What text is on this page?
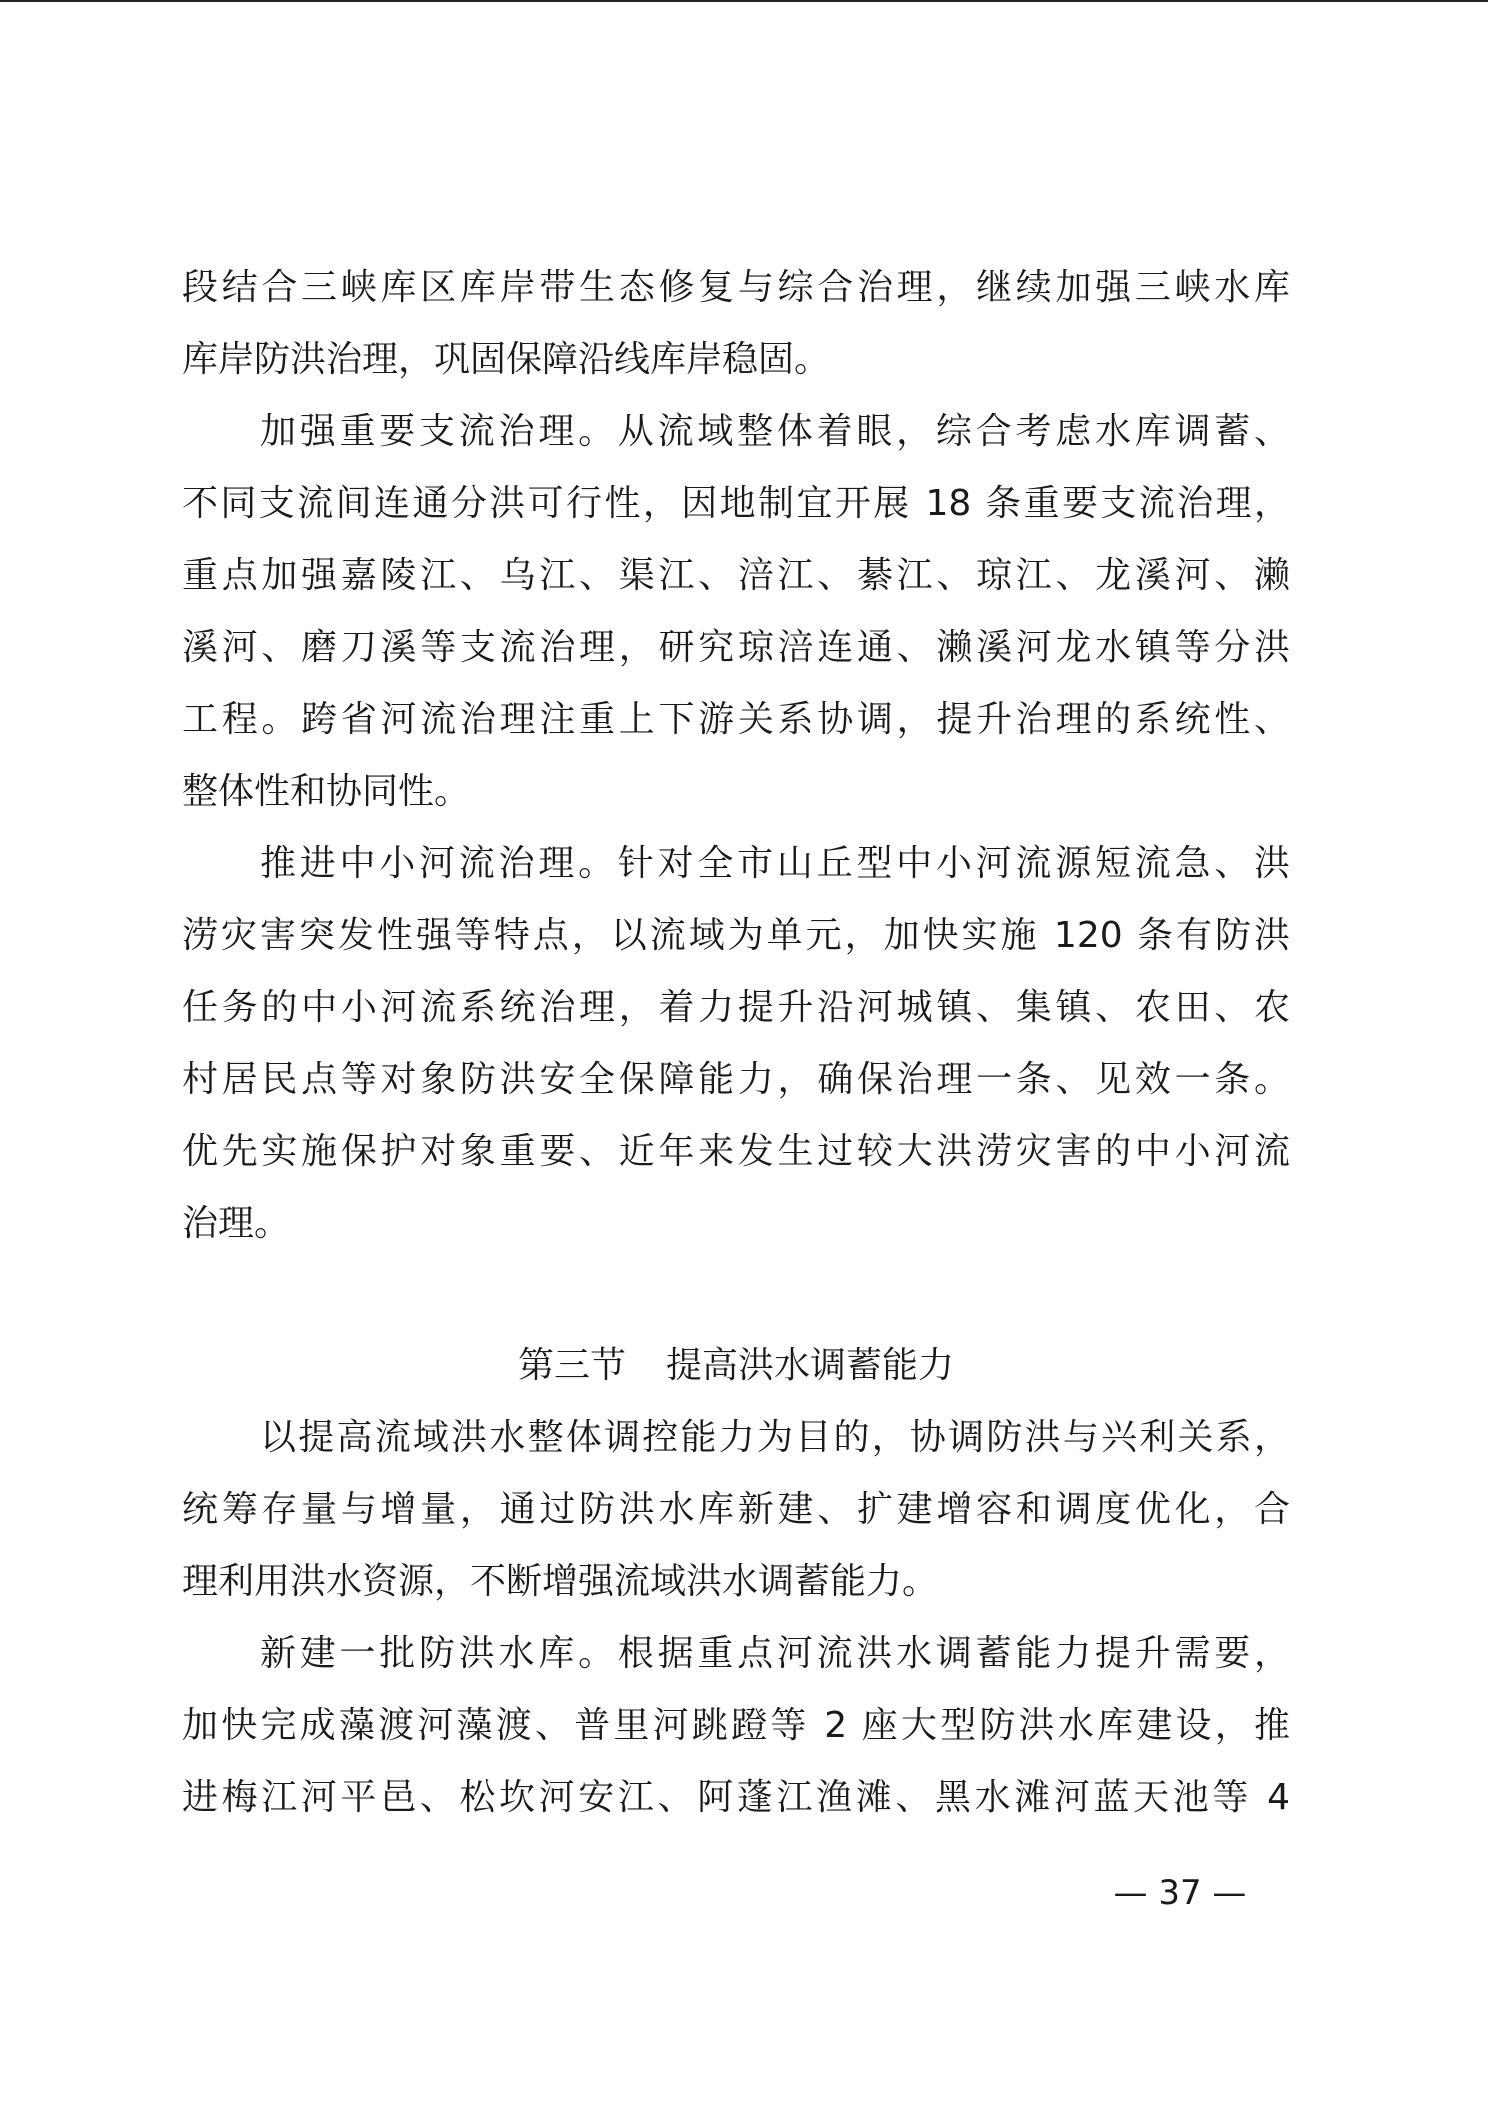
段结合三峡库区库岸带生态修复与综合治理，继续加强三峡水库
库岸防洪治理，巩固保障沿线库岸稳固。
加强重要支流治理。从流域整体着眼，综合考虑水库调蓄、
不同支流间连通分洪可行性，因地制宜开展 18 条重要支流治理，
重点加强嘉陵江、乌江、渠江、涪江、綦江、琼江、龙溪河、濑
溪河、磨刀溪等支流治理，研究琼涪连通、濑溪河龙水镇等分洪
工程。跨省河流治理注重上下游关系协调，提升治理的系统性、
整体性和协同性。
推进中小河流治理。针对全市山丘型中小河流源短流急、洪
涝灾害突发性强等特点，以流域为单元，加快实施 120 条有防洪
任务的中小河流系统治理，着力提升沿河城镇、集镇、农田、农
村居民点等对象防洪安全保障能力，确保治理一条、见效一条。
优先实施保护对象重要、近年来发生过较大洪涝灾害的中小河流
治理。
第三节 提高洪水调蓄能力
以提高流域洪水整体调控能力为目的，协调防洪与兴利关系，
统筹存量与增量，通过防洪水库新建、扩建增容和调度优化，合
理利用洪水资源，不断增强流域洪水调蓄能力。
新建一批防洪水库。根据重点河流洪水调蓄能力提升需要，
加快完成藻渡河藻渡、普里河跳蹬等 2 座大型防洪水库建设，推
进梅江河平邑、松坎河安江、阿蓬江渔滩、黑水滩河蓝天池等 4
— 37 —
